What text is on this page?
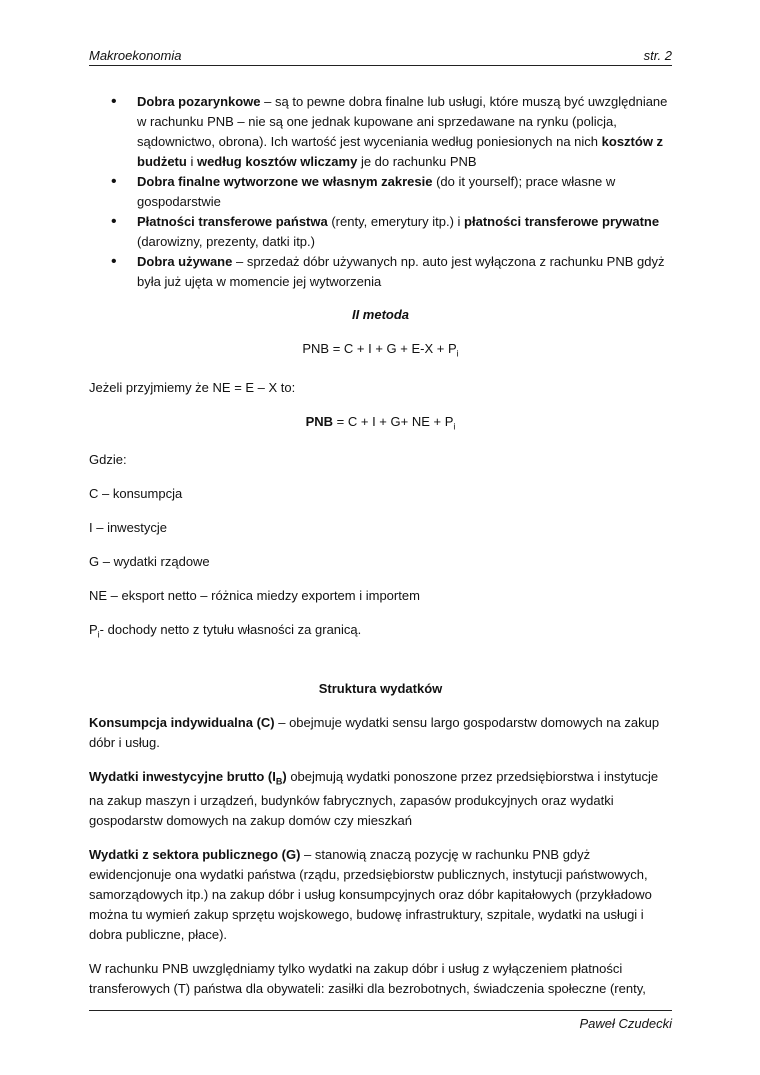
Makroekonomia	str. 2
• Dobra pozarynkowe – są to pewne dobra finalne lub usługi, które muszą być uwzględniane w rachunku PNB – nie są one jednak kupowane ani sprzedawane na rynku (policja, sądownictwo, obrona). Ich wartość jest wyceniania według poniesionych na nich kosztów z budżetu i według kosztów wliczamy je do rachunku PNB
• Dobra finalne wytworzone we własnym zakresie (do it yourself); prace własne w gospodarstwie
• Płatności transferowe państwa (renty, emerytury itp.) i płatności transferowe prywatne (darowizny, prezenty, datki itp.)
• Dobra używane – sprzedaż dóbr używanych np. auto jest wyłączona z rachunku PNB gdyż była już ujęta w momencie jej wytworzenia
II metoda
PNB = $C + I + G + E-X + P_i$
Jeżeli przyjmiemy że NE = E – X to:
PNB = C + I + G+ NE + $P_i$
Gdzie:
C – konsumpcja
I – inwestycje
G – wydatki rządowe
NE – eksport netto – różnica miedzy exportem i importem
$P_i-$ dochody netto z tytułu własności za granicą.
Struktura wydatków
Konsumpcja indywidualna (C) – obejmuje wydatki sensu largo gospodarstw domowych na zakup dóbr i usług.
Wydatki inwestycyjne brutto $(I_B)$ obejmują wydatki ponoszone przez przedsiębiorstwa i instytucje na zakup maszyn i urządzeń, budynków fabrycznych, zapasów produkcyjnych oraz wydatki gospodarstw domowych na zakup domów czy mieszkań
Wydatki z sektora publicznego (G) – stanowią znaczą pozycję w rachunku PNB gdyż ewidencjonuje ona wydatki państwa (rządu, przedsiębiorstw publicznych, instytucji państwowych, samorządowych itp.) na zakup dóbr i usług konsumpcyjnych oraz dóbr kapitałowych (przykładowo można tu wymień zakup sprzętu wojskowego, budowę infrastruktury, szpitale, wydatki na usługi i dobra publiczne, płace).
W rachunku PNB uwzględniamy tylko wydatki na zakup dóbr i usług z wyłączeniem płatności transferowych (T) państwa dla obywateli: zasiłki dla bezrobotnych, świadczenia społeczne (renty,
Paweł Czudecki
